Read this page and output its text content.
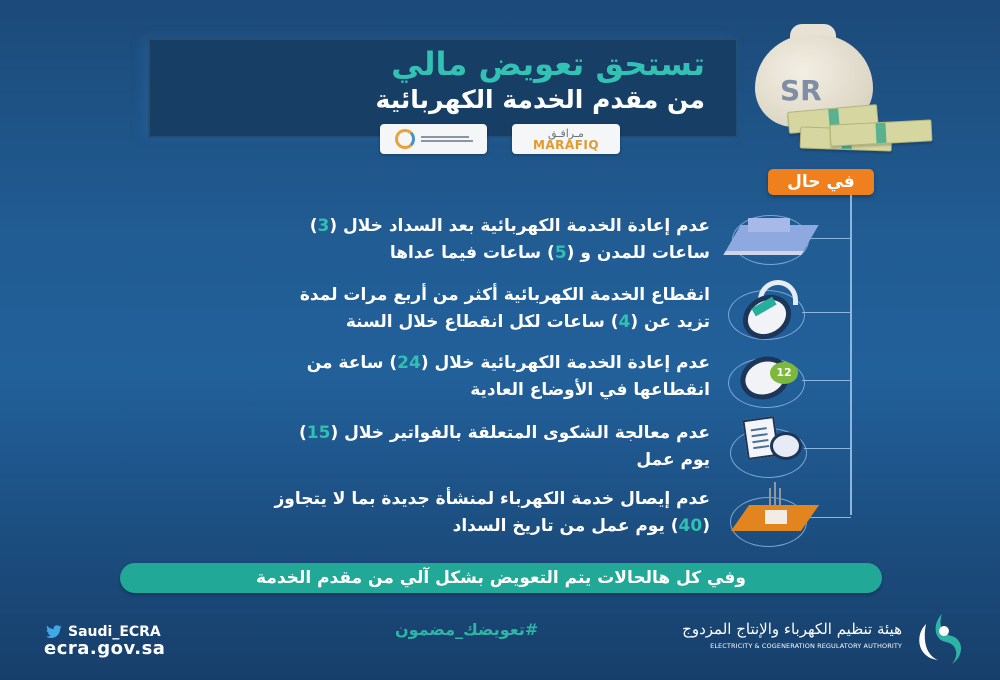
تستحق تعويض مالي
من مقدم الخدمة الكهربائية
مـرافـق
MARAFIQ
SR
في حال
12
عدم إعادة الخدمة الكهربائية بعد السداد خلال (3)
ساعات للمدن و (5) ساعات فيما عداها
انقطاع الخدمة الكهربائية أكثر من أربع مرات لمدة
تزيد عن (4) ساعات لكل انقطاع خلال السنة
عدم إعادة الخدمة الكهربائية خلال (24) ساعة من
انقطاعها في الأوضاع العادية
عدم معالجة الشكوى المتعلقة بالفواتير خلال (15)
يوم عمل
عدم إيصال خدمة الكهرباء لمنشأة جديدة بما لا يتجاوز
(40) يوم عمل من تاريخ السداد
وفي كل هالحالات يتم التعويض بشكل آلي من مقدم الخدمة
Saudi_ECRA
ecra.gov.sa
#تعويضك_مضمون	هيئة تنظيم الكهرباء والإنتاج المزدوج
ELECTRICITY & COGENERATION REGULATORY AUTHORITY
